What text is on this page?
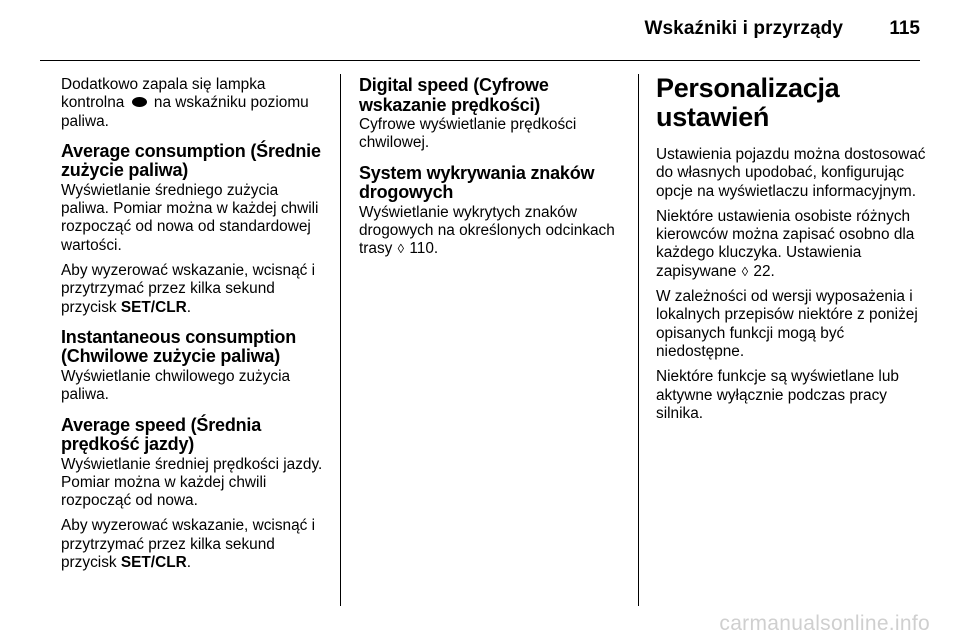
Wskaźniki i przyrządy 115

Dodatkowo zapala się lampka kontrolna na wskaźniku poziomu paliwa.

Average consumption (Średnie zużycie paliwa)

Wyświetlanie średniego zużycia paliwa. Pomiar można w każdej chwili rozpocząć od nowa od standardowej wartości.

Aby wyzerować wskazanie, wcisnąć i przytrzymać przez kilka sekund przycisk SET/CLR.

Instantaneous consumption (Chwilowe zużycie paliwa)

Wyświetlanie chwilowego zużycia paliwa.

Average speed (Średnia prędkość jazdy)

Wyświetlanie średniej prędkości jazdy. Pomiar można w każdej chwili rozpocząć od nowa.

Aby wyzerować wskazanie, wcisnąć i przytrzymać przez kilka sekund przycisk SET/CLR.

Digital speed (Cyfrowe wskazanie prędkości)

Cyfrowe wyświetlanie prędkości chwilowej.

System wykrywania znaków drogowych

Wyświetlanie wykrytych znaków drogowych na określonych odcinkach trasy ◊ 110.

Personalizacja ustawień

Ustawienia pojazdu można dostosować do własnych upodobać, konfigurując opcje na wyświetlaczu informacyjnym.

Niektóre ustawienia osobiste różnych kierowców można zapisać osobno dla każdego kluczyka. Ustawienia zapisywane ◊ 22.

W zależności od wersji wyposażenia i lokalnych przepisów niektóre z poniżej opisanych funkcji mogą być niedostępne.

Niektóre funkcje są wyświetlane lub aktywne wyłącznie podczas pracy silnika.

carmanualsonline.info
